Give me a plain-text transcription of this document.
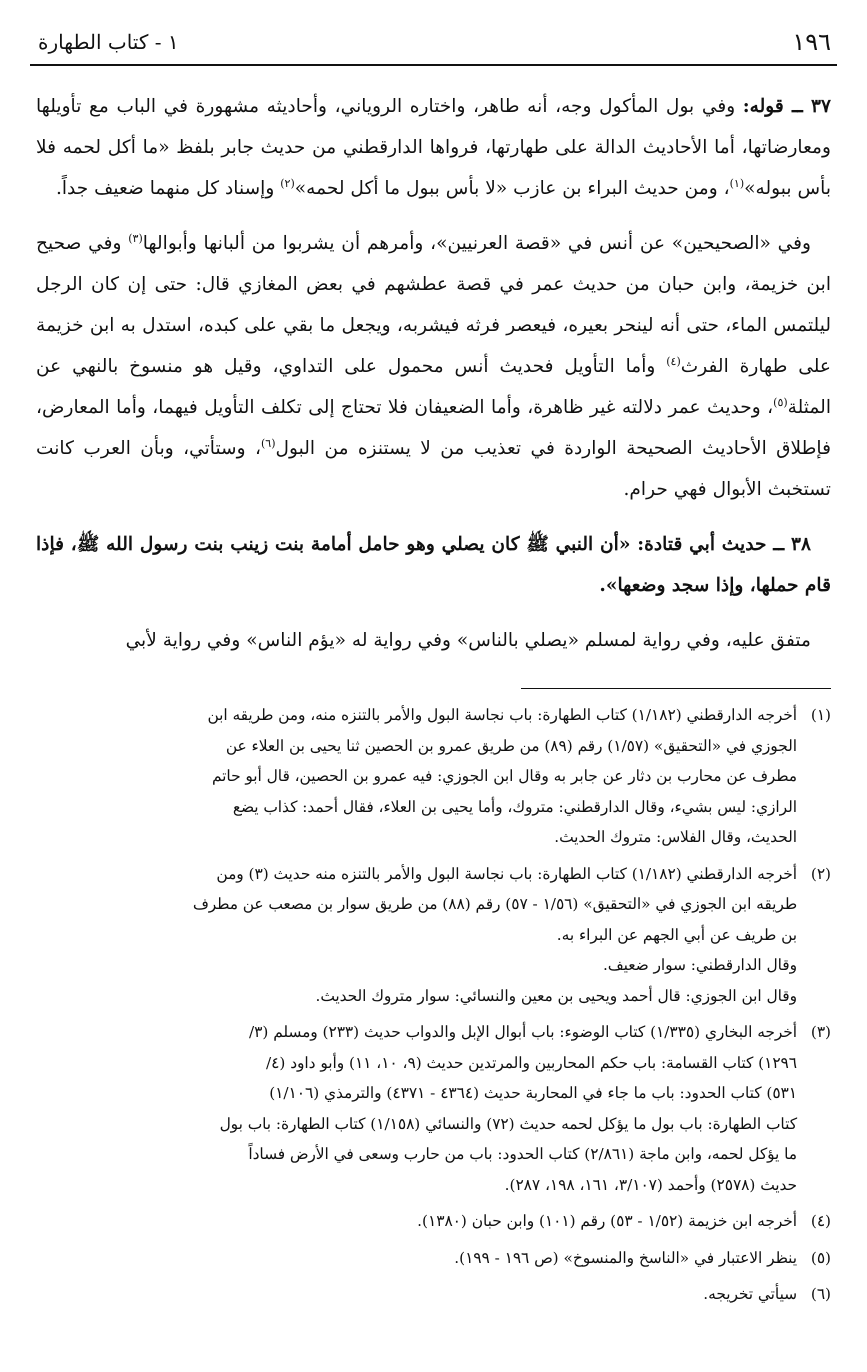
١٩٦
١ - كتاب الطهارة

٣٧ ــ قوله: وفي بول المأكول وجه، أنه طاهر، واختاره الروياني، وأحاديثه مشهورة في الباب مع تأويلها ومعارضاتها، أما الأحاديث الدالة على طهارتها، فرواها الدارقطني من حديث جابر بلفظ «ما أكل لحمه فلا بأس ببوله»$^{(١)}$، ومن حديث البراء بن عازب «لا بأس ببول ما أكل لحمه»$^{(٢)}$ وإسناد كل منهما ضعيف جداً.

وفي «الصحيحين» عن أنس في «قصة العرنيين»، وأمرهم أن يشربوا من ألبانها وأبوالها$^{(٣)}$ وفي صحيح ابن خزيمة، وابن حبان من حديث عمر في قصة عطشهم في بعض المغازي قال: حتى إن كان الرجل ليلتمس الماء، حتى أنه لينحر بعيره، فيعصر فرثه فيشربه، ويجعل ما بقي على كبده، استدل به ابن خزيمة على طهارة الفرث$^{(٤)}$ وأما التأويل فحديث أنس محمول على التداوي، وقيل هو منسوخ بالنهي عن المثلة$^{(٥)}$، وحديث عمر دلالته غير ظاهرة، وأما الضعيفان فلا تحتاج إلى تكلف التأويل فيهما، وأما المعارض، فإطلاق الأحاديث الصحيحة الواردة في تعذيب من لا يستنزه من البول$^{(٦)}$، وستأتي، وبأن العرب كانت تستخبث الأبوال فهي حرام.

٣٨ ــ حديث أبي قتادة: «أن النبي ﷺ كان يصلي وهو حامل أمامة بنت زينب بنت رسول الله ﷺ، فإذا قام حملها، وإذا سجد وضعها».

متفق عليه، وفي رواية لمسلم «يصلي بالناس» وفي رواية له «يؤم الناس» وفي رواية لأبي

(١)
أخرجه الدارقطني (١/١٨٢) كتاب الطهارة: باب نجاسة البول والأمر بالتنزه منه، ومن طريقه ابن
الجوزي في «التحقيق» (١/٥٧) رقم (٨٩) من طريق عمرو بن الحصين ثنا يحيى بن العلاء عن
مطرف عن محارب بن دثار عن جابر به وقال ابن الجوزي: فيه عمرو بن الحصين، قال أبو حاتم
الرازي: ليس بشيء، وقال الدارقطني: متروك، وأما يحيى بن العلاء، فقال أحمد: كذاب يضع
الحديث، وقال الفلاس: متروك الحديث.
(٢)
أخرجه الدارقطني (١/١٨٢) كتاب الطهارة: باب نجاسة البول والأمر بالتنزه منه حديث (٣) ومن
طريقه ابن الجوزي في «التحقيق» (١/٥٦ - ٥٧) رقم (٨٨) من طريق سوار بن مصعب عن مطرف
بن طريف عن أبي الجهم عن البراء به.
وقال الدارقطني: سوار ضعيف.
وقال ابن الجوزي: قال أحمد ويحيى بن معين والنسائي: سوار متروك الحديث.
(٣)
أخرجه البخاري (١/٣٣٥) كتاب الوضوء: باب أبوال الإبل والدواب حديث (٢٣٣) ومسلم (٣/
١٢٩٦) كتاب القسامة: باب حكم المحاربين والمرتدين حديث (٩، ١٠، ١١) وأبو داود (٤/
٥٣١) كتاب الحدود: باب ما جاء في المحاربة حديث (٤٣٦٤ - ٤٣٧١) والترمذي (١/١٠٦)
كتاب الطهارة: باب بول ما يؤكل لحمه حديث (٧٢) والنسائي (١/١٥٨) كتاب الطهارة: باب بول
ما يؤكل لحمه، وابن ماجة (٢/٨٦١) كتاب الحدود: باب من حارب وسعى في الأرض فساداً
حديث (٢٥٧٨) وأحمد (٣/١٠٧، ١٦١، ١٩٨، ٢٨٧).
(٤)
أخرجه ابن خزيمة (١/٥٢ - ٥٣) رقم (١٠١) وابن حبان (١٣٨٠).
(٥)
ينظر الاعتبار في «الناسخ والمنسوخ» (ص ١٩٦ - ١٩٩).
(٦)
سيأتي تخريجه.
